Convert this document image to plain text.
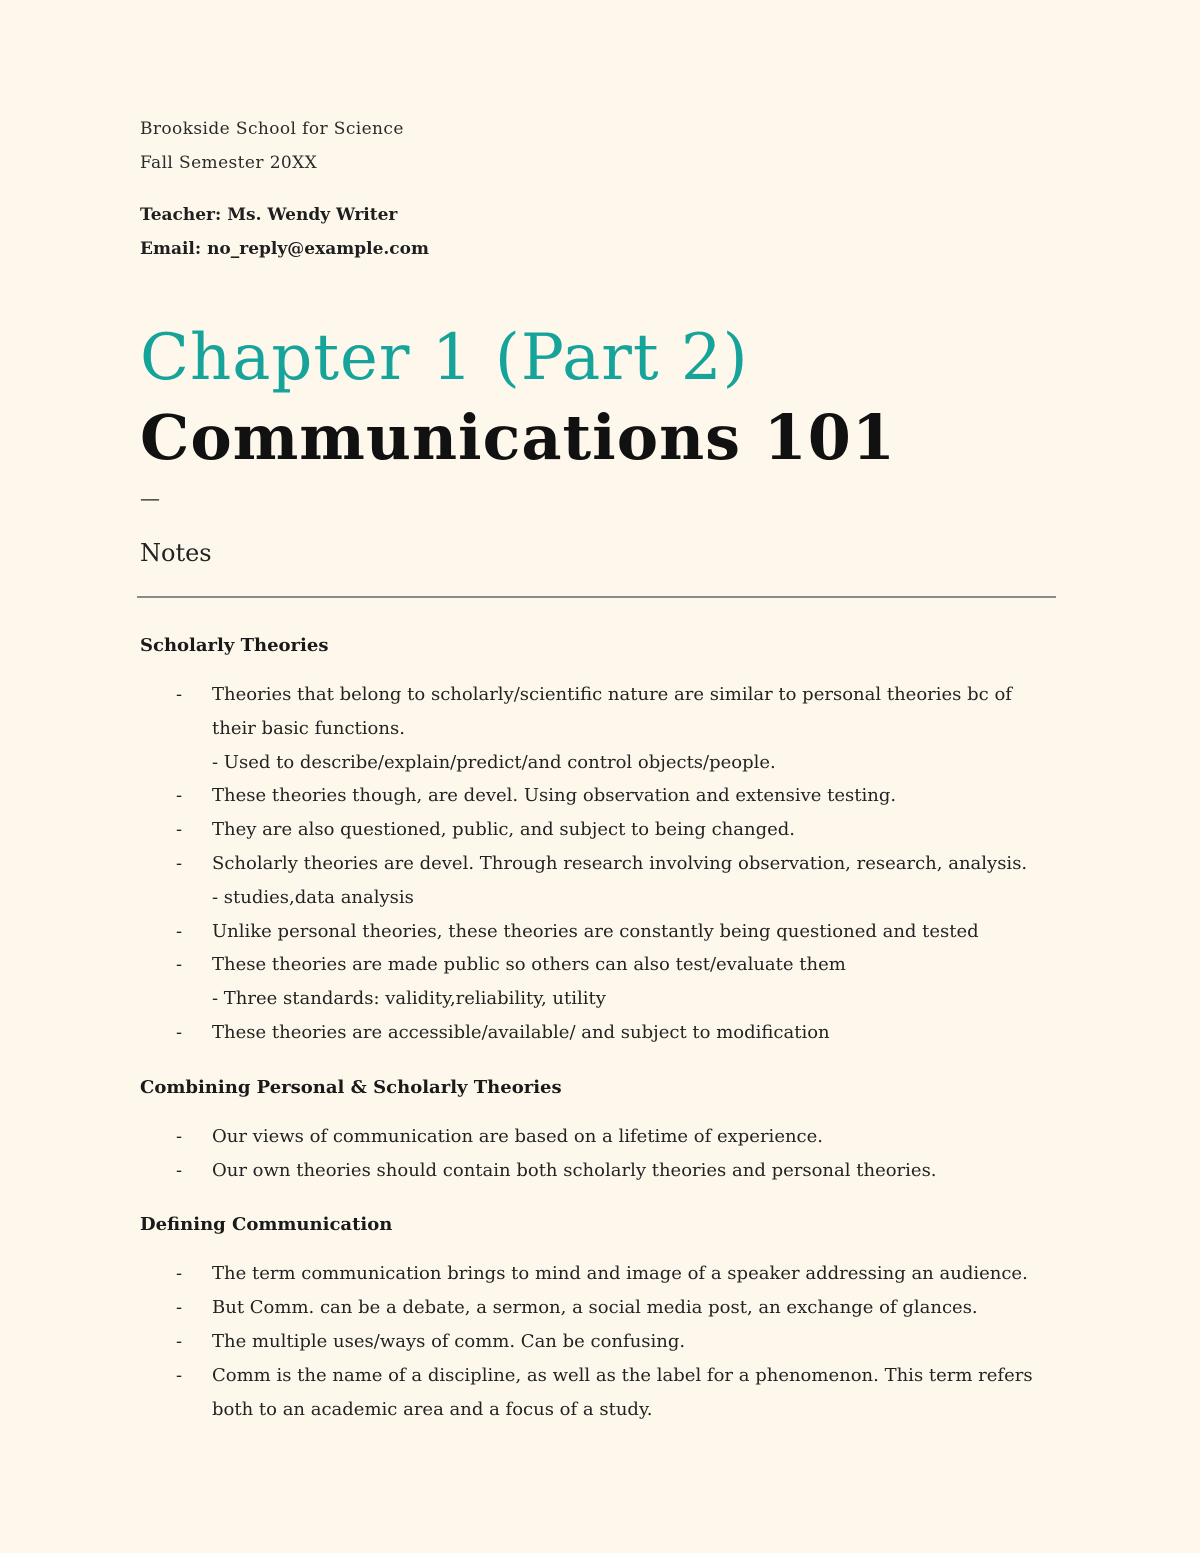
Brookside School for Science
Fall Semester 20XX
Teacher: Ms. Wendy Writer
Email: no_reply@example.com
Chapter 1 (Part 2)
Communications 101
—
Notes
Scholarly Theories
- Theories that belong to scholarly/scientific nature are similar to personal theories bc of their basic functions.
- Used to describe/explain/predict/and control objects/people.
- These theories though, are devel. Using observation and extensive testing.
- They are also questioned, public, and subject to being changed.
- Scholarly theories are devel. Through research involving observation, research, analysis.
- studies,data analysis
- Unlike personal theories, these theories are constantly being questioned and tested
- These theories are made public so others can also test/evaluate them
- Three standards: validity,reliability, utility
- These theories are accessible/available/ and subject to modification
Combining Personal & Scholarly Theories
- Our views of communication are based on a lifetime of experience.
- Our own theories should contain both scholarly theories and personal theories.
Defining Communication
- The term communication brings to mind and image of a speaker addressing an audience.
- But Comm. can be a debate, a sermon, a social media post, an exchange of glances.
- The multiple uses/ways of comm. Can be confusing.
- Comm is the name of a discipline, as well as the label for a phenomenon. This term refers both to an academic area and a focus of a study.
